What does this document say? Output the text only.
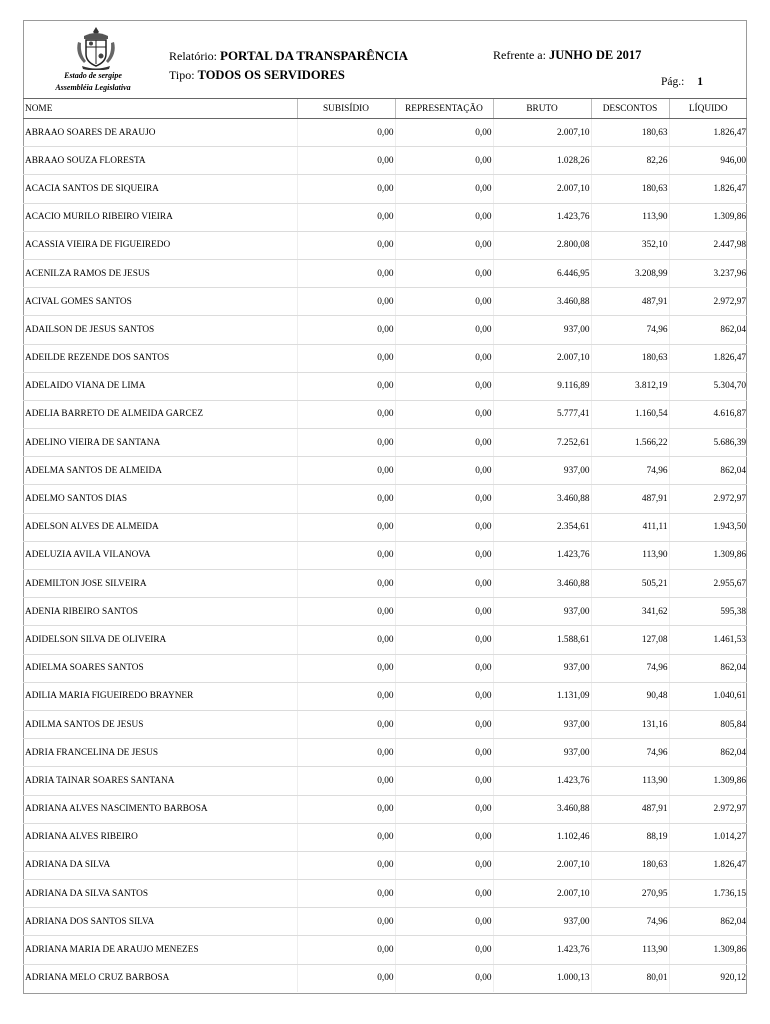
Estado de sergipe
Assembléia Legislativa
Relatório: PORTAL DA TRANSPARÊNCIA
Tipo: TODOS OS SERVIDORES
Refrente a: JUNHO DE 2017
Pág.: 1
NOME	SUBISÍDIO	REPRESENTAÇÃO	BRUTO	DESCONTOS	LÍQUIDO
ABRAAO SOARES DE ARAUJO	0,00	0,00	2.007,10	180,63	1.826,47
ABRAAO SOUZA FLORESTA	0,00	0,00	1.028,26	82,26	946,00
ACACIA SANTOS DE SIQUEIRA	0,00	0,00	2.007,10	180,63	1.826,47
ACACIO MURILO RIBEIRO VIEIRA	0,00	0,00	1.423,76	113,90	1.309,86
ACASSIA VIEIRA DE FIGUEIREDO	0,00	0,00	2.800,08	352,10	2.447,98
ACENILZA RAMOS DE JESUS	0,00	0,00	6.446,95	3.208,99	3.237,96
ACIVAL GOMES SANTOS	0,00	0,00	3.460,88	487,91	2.972,97
ADAILSON DE JESUS SANTOS	0,00	0,00	937,00	74,96	862,04
ADEILDE REZENDE DOS SANTOS	0,00	0,00	2.007,10	180,63	1.826,47
ADELAIDO VIANA DE LIMA	0,00	0,00	9.116,89	3.812,19	5.304,70
ADELIA BARRETO DE ALMEIDA GARCEZ	0,00	0,00	5.777,41	1.160,54	4.616,87
ADELINO VIEIRA DE SANTANA	0,00	0,00	7.252,61	1.566,22	5.686,39
ADELMA SANTOS DE ALMEIDA	0,00	0,00	937,00	74,96	862,04
ADELMO SANTOS DIAS	0,00	0,00	3.460,88	487,91	2.972,97
ADELSON ALVES DE ALMEIDA	0,00	0,00	2.354,61	411,11	1.943,50
ADELUZIA AVILA VILANOVA	0,00	0,00	1.423,76	113,90	1.309,86
ADEMILTON JOSE SILVEIRA	0,00	0,00	3.460,88	505,21	2.955,67
ADENIA RIBEIRO SANTOS	0,00	0,00	937,00	341,62	595,38
ADIDELSON SILVA DE OLIVEIRA	0,00	0,00	1.588,61	127,08	1.461,53
ADIELMA SOARES SANTOS	0,00	0,00	937,00	74,96	862,04
ADILIA MARIA FIGUEIREDO BRAYNER	0,00	0,00	1.131,09	90,48	1.040,61
ADILMA SANTOS DE JESUS	0,00	0,00	937,00	131,16	805,84
ADRIA FRANCELINA DE JESUS	0,00	0,00	937,00	74,96	862,04
ADRIA TAINAR SOARES SANTANA	0,00	0,00	1.423,76	113,90	1.309,86
ADRIANA ALVES NASCIMENTO BARBOSA	0,00	0,00	3.460,88	487,91	2.972,97
ADRIANA ALVES RIBEIRO	0,00	0,00	1.102,46	88,19	1.014,27
ADRIANA DA SILVA	0,00	0,00	2.007,10	180,63	1.826,47
ADRIANA DA SILVA SANTOS	0,00	0,00	2.007,10	270,95	1.736,15
ADRIANA DOS SANTOS SILVA	0,00	0,00	937,00	74,96	862,04
ADRIANA MARIA DE ARAUJO MENEZES	0,00	0,00	1.423,76	113,90	1.309,86
ADRIANA MELO CRUZ BARBOSA	0,00	0,00	1.000,13	80,01	920,12
